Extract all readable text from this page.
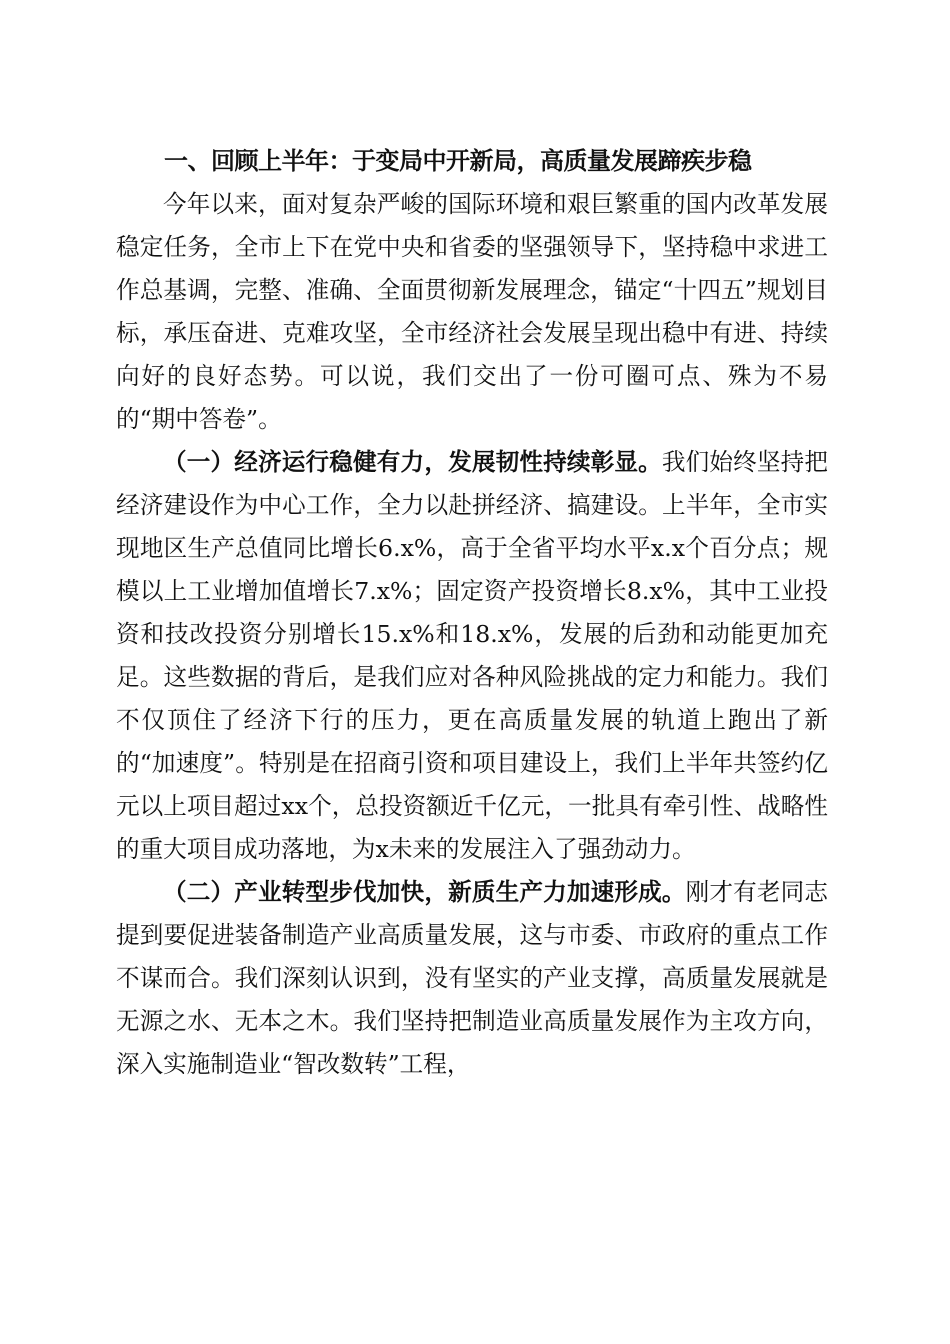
一、回顾上半年：于变局中开新局，高质量发展蹄疾步稳

今年以来，面对复杂严峻的国际环境和艰巨繁重的国内改革发展稳定任务，全市上下在党中央和省委的坚强领导下，坚持稳中求进工作总基调，完整、准确、全面贯彻新发展理念，锚定“十四五”规划目标，承压奋进、克难攻坚，全市经济社会发展呈现出稳中有进、持续向好的良好态势。可以说，我们交出了一份可圈可点、殊为不易的“期中答卷”。

（一）经济运行稳健有力，发展韧性持续彰显。我们始终坚持把经济建设作为中心工作，全力以赴拼经济、搞建设。上半年，全市实现地区生产总值同比增长6.x%，高于全省平均水平x.x个百分点；规模以上工业增加值增长7.x%；固定资产投资增长8.x%，其中工业投资和技改投资分别增长15.x%和18.x%，发展的后劲和动能更加充足。这些数据的背后，是我们应对各种风险挑战的定力和能力。我们不仅顶住了经济下行的压力，更在高质量发展的轨道上跑出了新的“加速度”。特别是在招商引资和项目建设上，我们上半年共签约亿元以上项目超过xx个，总投资额近千亿元，一批具有牵引性、战略性的重大项目成功落地，为x未来的发展注入了强劲动力。

（二）产业转型步伐加快，新质生产力加速形成。刚才有老同志提到要促进装备制造产业高质量发展，这与市委、市政府的重点工作不谋而合。我们深刻认识到，没有坚实的产业支撑，高质量发展就是无源之水、无本之木。我们坚持把制造业高质量发展作为主攻方向，深入实施制造业“智改数转”工程，
